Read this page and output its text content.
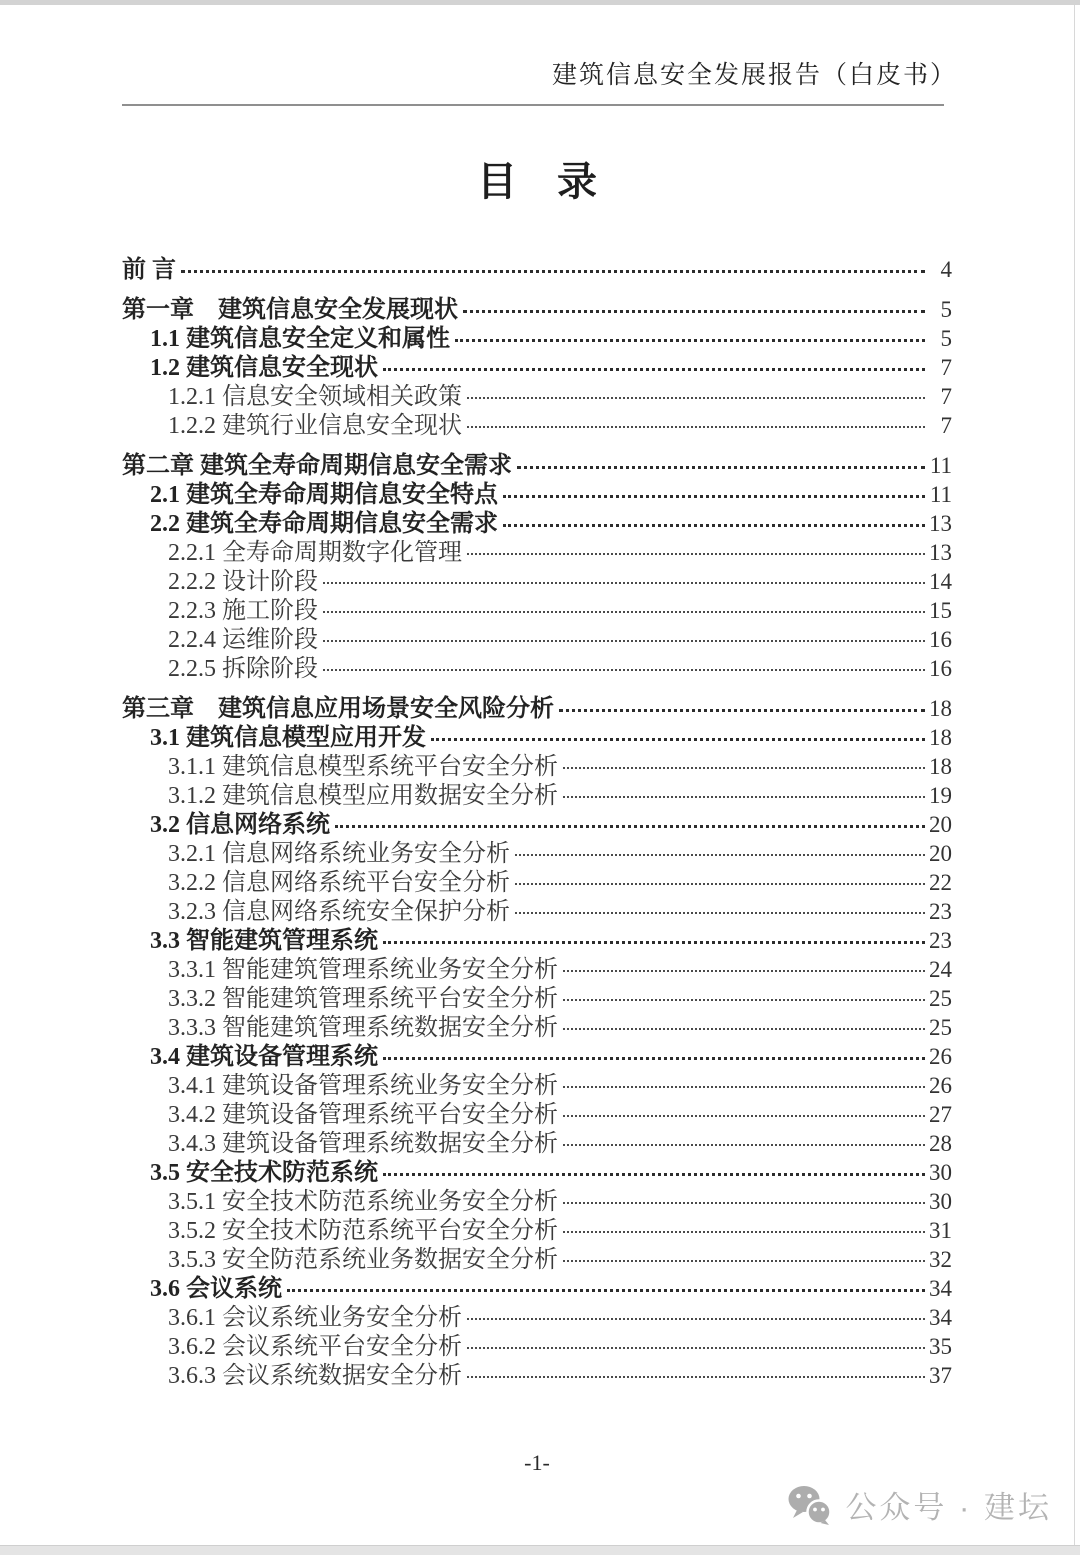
建筑信息安全发展报告（白皮书）
目　录
前 言	4
第一章　建筑信息安全发展现状	5
1.1 建筑信息安全定义和属性	5
1.2 建筑信息安全现状	7
1.2.1 信息安全领域相关政策	7
1.2.2 建筑行业信息安全现状	7
第二章 建筑全寿命周期信息安全需求	11
2.1 建筑全寿命周期信息安全特点	11
2.2 建筑全寿命周期信息安全需求	13
2.2.1 全寿命周期数字化管理	13
2.2.2 设计阶段	14
2.2.3 施工阶段	15
2.2.4 运维阶段	16
2.2.5 拆除阶段	16
第三章　建筑信息应用场景安全风险分析	18
3.1 建筑信息模型应用开发	18
3.1.1 建筑信息模型系统平台安全分析	18
3.1.2 建筑信息模型应用数据安全分析	19
3.2 信息网络系统	20
3.2.1 信息网络系统业务安全分析	20
3.2.2 信息网络系统平台安全分析	22
3.2.3 信息网络系统安全保护分析	23
3.3 智能建筑管理系统	23
3.3.1 智能建筑管理系统业务安全分析	24
3.3.2 智能建筑管理系统平台安全分析	25
3.3.3 智能建筑管理系统数据安全分析	25
3.4 建筑设备管理系统	26
3.4.1 建筑设备管理系统业务安全分析	26
3.4.2 建筑设备管理系统平台安全分析	27
3.4.3 建筑设备管理系统数据安全分析	28
3.5 安全技术防范系统	30
3.5.1 安全技术防范系统业务安全分析	30
3.5.2 安全技术防范系统平台安全分析	31
3.5.3 安全防范系统业务数据安全分析	32
3.6 会议系统	34
3.6.1 会议系统业务安全分析	34
3.6.2 会议系统平台安全分析	35
3.6.3 会议系统数据安全分析	37
-1-
公众号 · 建坛
